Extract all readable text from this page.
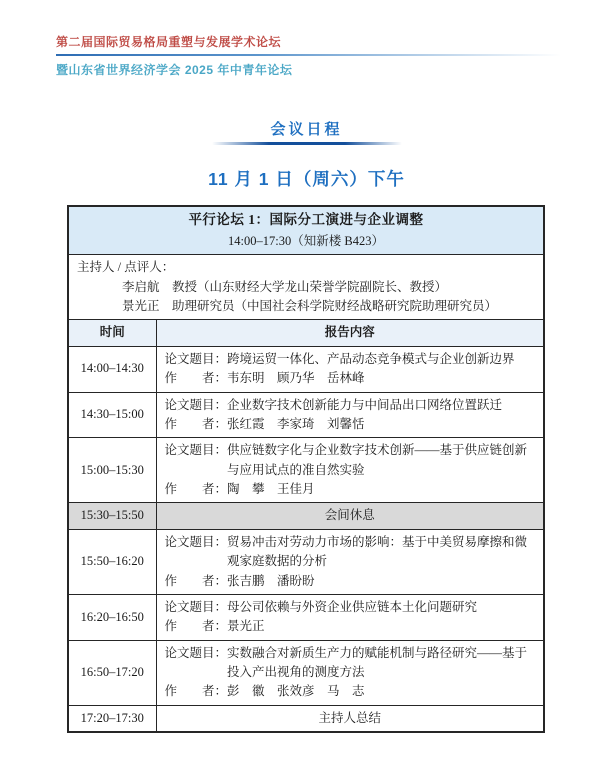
第二届国际贸易格局重塑与发展学术论坛
暨山东省世界经济学会 2025 年中青年论坛
会议日程
11 月 1 日（周六）下午
平行论坛 1：国际分工演进与企业调整
14:00–17:30（知新楼 B423）	

主持人 / 点评人：
李启航　教授（山东财经大学龙山荣誉学院副院长、教授）
景光正　助理研究员（中国社会科学院财经战略研究院助理研究员）	

时间	报告内容
14:00–14:30	论文题目：跨境运贸一体化、产品动态竞争模式与企业创新边界
作　　者：韦东明　顾乃华　岳林峰

14:30–15:00	论文题目：企业数字技术创新能力与中间品出口网络位置跃迁
作　　者：张红霞　李家琦　刘馨恬

15:00–15:30	论文题目：供应链数字化与企业数字技术创新——基于供应链创新与应用试点的准自然实验
作　　者：陶　攀　王佳月

15:30–15:50	会间休息
15:50–16:20	论文题目：贸易冲击对劳动力市场的影响：基于中美贸易摩擦和微观家庭数据的分析
作　　者：张吉鹏　潘盼盼

16:20–16:50	论文题目：母公司依赖与外资企业供应链本土化问题研究
作　　者：景光正

16:50–17:20	论文题目：实数融合对新质生产力的赋能机制与路径研究——基于投入产出视角的测度方法
作　　者：彭　徽　张效彦　马　志

17:20–17:30	主持人总结
